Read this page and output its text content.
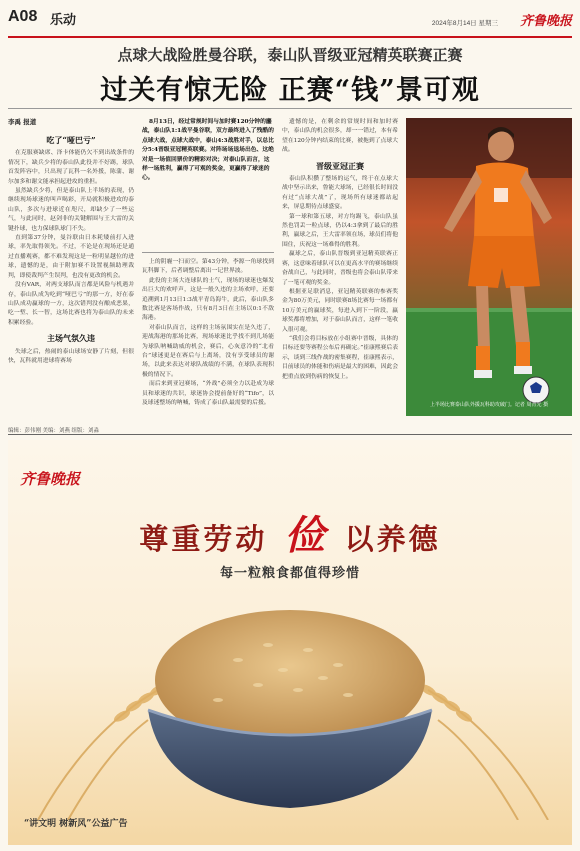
A08 乐动	2024年8月14日 星期三 齐鲁晚报
点球大战险胜曼谷联，泰山队晋级亚冠精英联赛正赛
过关有惊无险 正赛“钱”景可观
李禹 报道
吃了“哑巴亏”

在克服赛缺席、泽卡体能仍欠不到出战条件的情况下，缺兵少将的泰山队此役并不好踢，球队首发阵容中，只出现了瓦科一名外援，陈蒲、谢尔加多和谢文能承担起进攻的重担。

虽然缺兵少将，但是泰山队上半场的表现，仍继续现场球迷的叫声喝彩，开局就积极进攻的泰山队，多次与进球近在咫尺，却缺少了一些运气，与此同时，赵剑非的关键解围与王大雷的关键扑球，也力保球队球门不失。

直到第37分钟，曼谷联由日本耗矮前打入进球，率先取得领先。不过，不论是在现场还是通过直播观赛，都不难发现这是一粒明显越位的进球，遗憾的是，由于附加赛不设置视频助理裁判，即使裁判产生误判，也没有更改的机会。

没有VAR，对两支球队而言都是风险与机遇并存，泰山队成为吃到“哑巴亏”的那一方，好在泰山队成功赢球的一方，这次错判没有酿成恶果，吃一堑、长一智，这场比赛也将为泰山队的未来积累经验。

主场气氛久违

失球之后，热闹的泰山球场安静了片刻，但很快，瓦科就用进球将赛场

8月13日，经过常规时间与加时赛120分钟的鏖战，泰山队1:1战平曼谷联，双方最终进入了残酷的点球大战，点球大战中，泰山4:3战胜对手，以总比分5:4晋级亚冠精英联赛。对阵场场退场出色、这绝对是一场值回票价的精彩对决；对泰山队而言，这样一场胜利，赢得了可观的奖金，更赢得了球迷的心。

上的阴霾一扫而空。第43分钟，李源一角球找到瓦科脚下，后者调整后离出一记世界波。

此役的主场大连球队的士气，现场的球迷也爆发出巨大的欢呼声，这是一般久违的主场欢呼，还要追溯到1月13日1:3战平青岛海牛，此后，泰山队多数比赛是客场作战，只有8月3日在主场以0:1不敌海港。

对泰山队而言，这样的主场氛围实在是久违了，迎战海港的那场比赛，现场球迷比乎找不到儿场能为球队呐喊助威的机会，赛后，心灰意冷的“北看台”球迷更是在赛后与上离场，没有享受球员的谢场，以此来表达对球队战绩的不满，在球队表现积极的情况下。

而后来到亚冠赛场，“外战”必须全力以赴成为球员和球迷的共识，球迷协会提前备好的“Tifo”，以及球迷整场的呐喊，铸成了泰山队最需要的后援。

遗憾的是，在剩余的常规时间和加时赛中，泰山队的机会很多，却一一错过，本有希望在120分钟内结束的比赛，被拖到了点球大战。

晋级亚冠正赛

泰山队积攒了整场的运气，终于在点球大战中坚示出来，鲁能大球场，已经很长时间没有过“点球大战”了，现场所有球迷都站起来，屏息期待点球盛宴。

第一球和第五球，对方均踢飞，泰山队虽然也罚丢一粒点球，仍以4:3拿到了最后的胜利，赢球之后，王大雷率领在场，球员们将他围住，庆祝这一场难得的胜利。

赢球之后，泰山队晋级到亚冠精英联赛正赛，这意味着球队可以在更高水平的赛场继续奋战自己，与此同时，晋级也将会泰山队带来了一笔可观的奖金。

根据亚足联消息，亚冠精英联赛的参赛奖金为80万美元，同时联赛8场比赛每一场都有10万美元的赢球奖，每进入到下一阶段，赢球奖都将增加，对于泰山队而言，这样一笔收入很可观。

“我们会将目标放在小组赛中晋级，具体的目标还要等赛程公布后再确定。”崔康熙赛后表示，谈到三线作战的密集赛程，崔康熙表示，目前球员的体能和伤病是最大的困难，因此会把重点放到伤病的恢复上。

上半场比赛泰山队外援瓦科助攻破门。记者 周青先 摄
编辑：彭伟刚 美编：刘燕 组版：刘淼
齐鲁晚报
尊重劳动 俭 以养德
每一粒粮食都值得珍惜
“讲文明 树新风”公益广告
